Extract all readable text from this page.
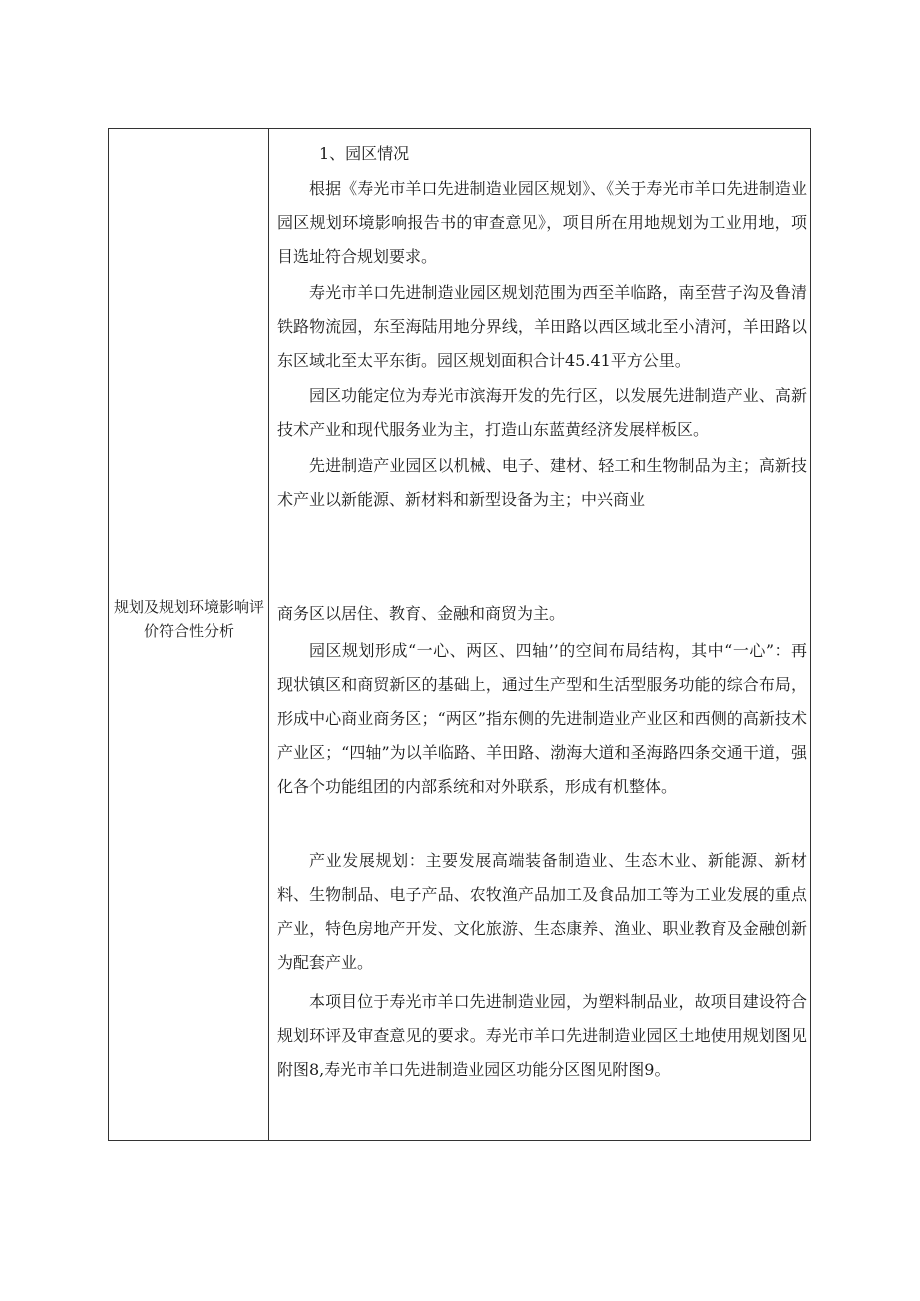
规划及规划环境影响评价符合性分析

1、园区情况

根据《寿光市羊口先进制造业园区规划》、《关于寿光市羊口先进制造业园区规划环境影响报告书的审查意见》，项目所在用地规划为工业用地，项目选址符合规划要求。

寿光市羊口先进制造业园区规划范围为西至羊临路，南至营子沟及鲁清铁路物流园，东至海陆用地分界线，羊田路以西区域北至小清河，羊田路以东区域北至太平东街。园区规划面积合计45.41平方公里。

园区功能定位为寿光市滨海开发的先行区，以发展先进制造产业、高新技术产业和现代服务业为主，打造山东蓝黄经济发展样板区。

先进制造产业园区以机械、电子、建材、轻工和生物制品为主；高新技术产业以新能源、新材料和新型设备为主；中兴商业

商务区以居住、教育、金融和商贸为主。

园区规划形成“一心、两区、四轴’’的空间布局结构，其中“一心”：再现状镇区和商贸新区的基础上，通过生产型和生活型服务功能的综合布局，形成中心商业商务区；“两区”指东侧的先进制造业产业区和西侧的高新技术产业区；“四轴”为以羊临路、羊田路、渤海大道和圣海路四条交通干道，强化各个功能组团的内部系统和对外联系，形成有机整体。

产业发展规划：主要发展高端装备制造业、生态木业、新能源、新材料、生物制品、电子产品、农牧渔产品加工及食品加工等为工业发展的重点产业，特色房地产开发、文化旅游、生态康养、渔业、职业教育及金融创新为配套产业。

本项目位于寿光市羊口先进制造业园，为塑料制品业，故项目建设符合规划环评及审查意见的要求。寿光市羊口先进制造业园区土地使用规划图见附图8,寿光市羊口先进制造业园区功能分区图见附图9。
